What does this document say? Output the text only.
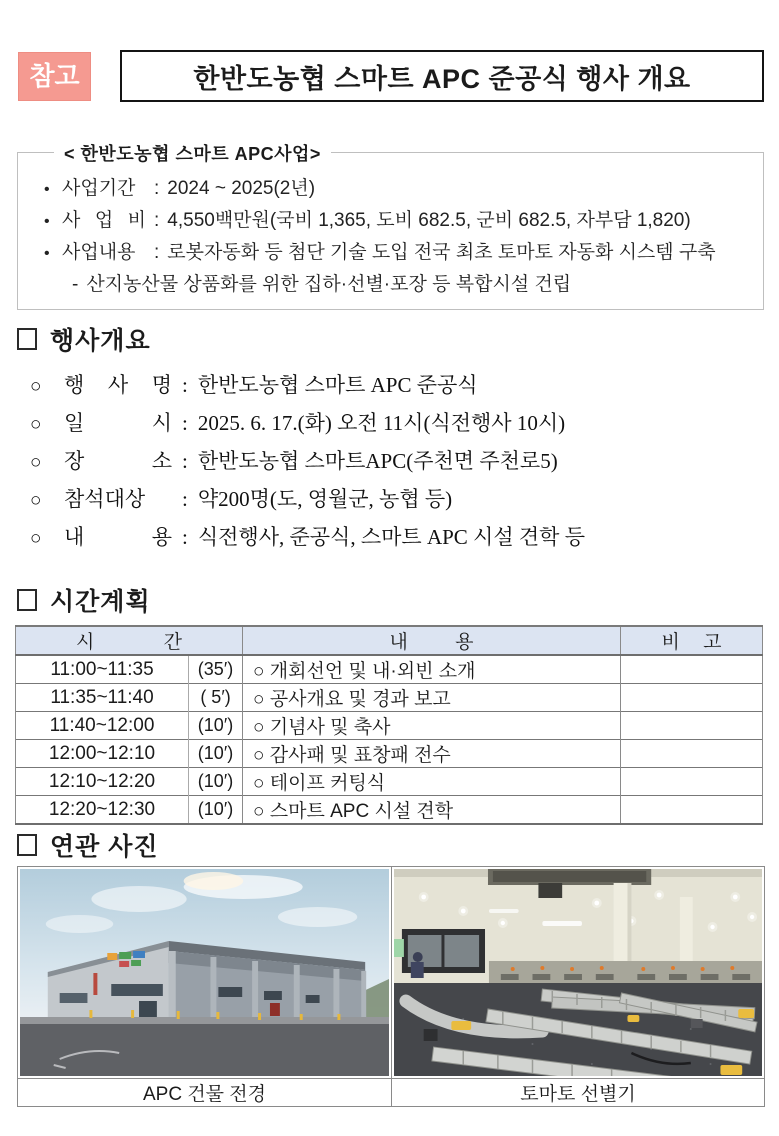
참고	한반도농협 스마트 APC 준공식 행사 개요
< 한반도농협 스마트 APC사업>
• 사업기간 : 2024 ~ 2025(2년)
• 사 업 비 : 4,550백만원(국비 1,365, 도비 682.5, 군비 682.5, 자부담 1,820)
• 사업내용 : 로봇자동화 등 첨단 기술 도입 전국 최초 토마토 자동화 시스템 구축
- 산지농산물 상품화를 위한 집하·선별·포장 등 복합시설 건립
행사개요
○ 행 사 명 : 한반도농협 스마트 APC 준공식
○ 일 시 : 2025. 6. 17.(화) 오전 11시(식전행사 10시)
○ 장 소 : 한반도농협 스마트APC(주천면 주천로5)
○ 참석대상 : 약200명(도, 영월군, 농협 등)
○ 내 용 : 식전행사, 준공식, 스마트 APC 시설 견학 등
시간계획
시 간		내 용	비 고
11:00~11:35	(35′)	○ 개회선언 및 내·외빈 소개	
11:35~11:40	( 5′)	○ 공사개요 및 경과 보고	
11:40~12:00	(10′)	○ 기념사 및 축사	
12:00~12:10	(10′)	○ 감사패 및 표창패 전수	
12:10~12:20	(10′)	○ 테이프 커팅식	
12:20~12:30	(10′)	○ 스마트 APC 시설 견학	
연관 사진

APC 건물 전경	토마토 선별기
